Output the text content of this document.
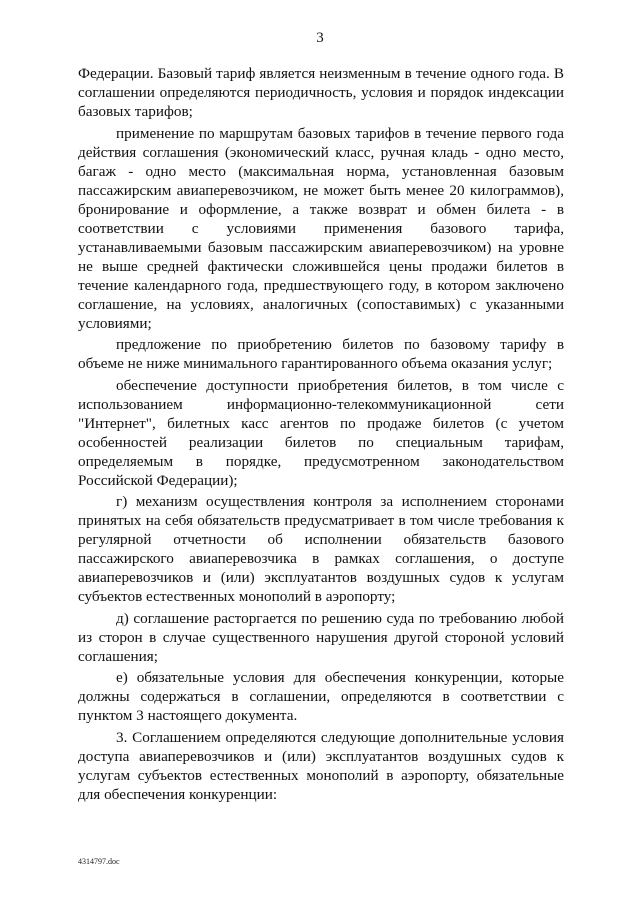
3

Федерации. Базовый тариф является неизменным в течение одного года. В соглашении определяются периодичность, условия и порядок индексации базовых тарифов;

применение по маршрутам базовых тарифов в течение первого года действия соглашения (экономический класс, ручная кладь - одно место, багаж - одно место (максимальная норма, установленная базовым пассажирским авиаперевозчиком, не может быть менее 20 килограммов), бронирование и оформление, а также возврат и обмен билета - в соответствии с условиями применения базового тарифа, устанавливаемыми базовым пассажирским авиаперевозчиком) на уровне не выше средней фактически сложившейся цены продажи билетов в течение календарного года, предшествующего году, в котором заключено соглашение, на условиях, аналогичных (сопоставимых) с указанными условиями;

предложение по приобретению билетов по базовому тарифу в объеме не ниже минимального гарантированного объема оказания услуг;

обеспечение доступности приобретения билетов, в том числе с использованием информационно-телекоммуникационной сети "Интернет", билетных касс агентов по продаже билетов (с учетом особенностей реализации билетов по специальным тарифам, определяемым в порядке, предусмотренном законодательством Российской Федерации);

г) механизм осуществления контроля за исполнением сторонами принятых на себя обязательств предусматривает в том числе требования к регулярной отчетности об исполнении обязательств базового пассажирского авиаперевозчика в рамках соглашения, о доступе авиаперевозчиков и (или) эксплуатантов воздушных судов к услугам субъектов естественных монополий в аэропорту;

д) соглашение расторгается по решению суда по требованию любой из сторон в случае существенного нарушения другой стороной условий соглашения;

е) обязательные условия для обеспечения конкуренции, которые должны содержаться в соглашении, определяются в соответствии с пунктом 3 настоящего документа.

3. Соглашением определяются следующие дополнительные условия доступа авиаперевозчиков и (или) эксплуатантов воздушных судов к услугам субъектов естественных монополий в аэропорту, обязательные для обеспечения конкуренции:

4314797.doc
